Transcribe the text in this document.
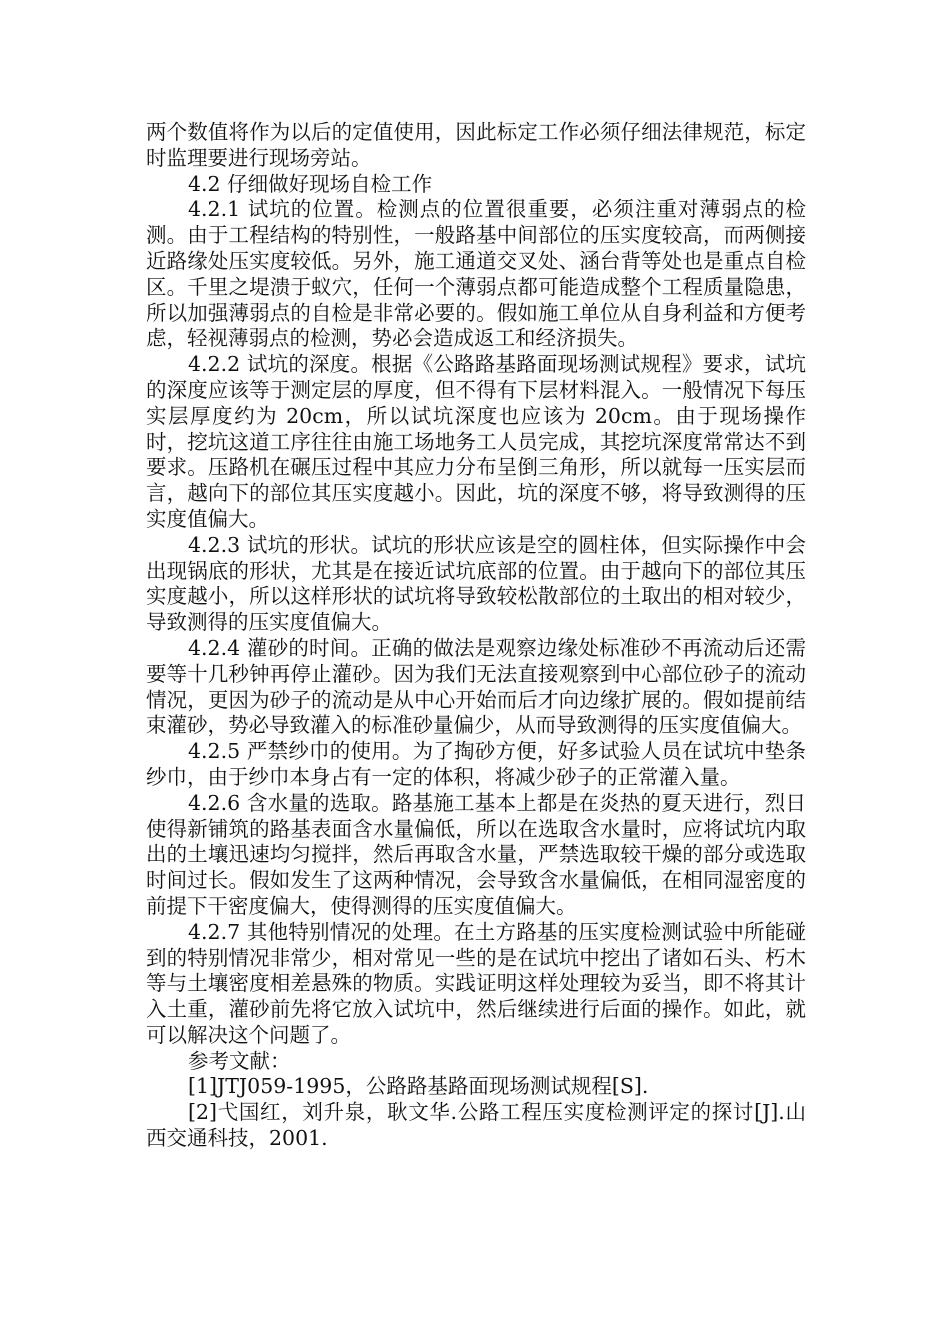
两个数值将作为以后的定值使用，因此标定工作必须仔细法律规范，标定时监理要进行现场旁站。

4.2 仔细做好现场自检工作

4.2.1 试坑的位置。检测点的位置很重要，必须注重对薄弱点的检测。由于工程结构的特别性，一般路基中间部位的压实度较高，而两侧接近路缘处压实度较低。另外，施工通道交叉处、涵台背等处也是重点自检区。千里之堤溃于蚁穴，任何一个薄弱点都可能造成整个工程质量隐患，所以加强薄弱点的自检是非常必要的。假如施工单位从自身利益和方便考虑，轻视薄弱点的检测，势必会造成返工和经济损失。

4.2.2 试坑的深度。根据《公路路基路面现场测试规程》要求，试坑的深度应该等于测定层的厚度，但不得有下层材料混入。一般情况下每压实层厚度约为 20cm，所以试坑深度也应该为 20cm。由于现场操作时，挖坑这道工序往往由施工场地务工人员完成，其挖坑深度常常达不到要求。压路机在碾压过程中其应力分布呈倒三角形，所以就每一压实层而言，越向下的部位其压实度越小。因此，坑的深度不够，将导致测得的压实度值偏大。

4.2.3 试坑的形状。试坑的形状应该是空的圆柱体，但实际操作中会出现锅底的形状，尤其是在接近试坑底部的位置。由于越向下的部位其压实度越小，所以这样形状的试坑将导致较松散部位的土取出的相对较少，导致测得的压实度值偏大。

4.2.4 灌砂的时间。正确的做法是观察边缘处标准砂不再流动后还需要等十几秒钟再停止灌砂。因为我们无法直接观察到中心部位砂子的流动情况，更因为砂子的流动是从中心开始而后才向边缘扩展的。假如提前结束灌砂，势必导致灌入的标准砂量偏少，从而导致测得的压实度值偏大。

4.2.5 严禁纱巾的使用。为了掏砂方便，好多试验人员在试坑中垫条纱巾，由于纱巾本身占有一定的体积，将减少砂子的正常灌入量。

4.2.6 含水量的选取。路基施工基本上都是在炎热的夏天进行，烈日使得新铺筑的路基表面含水量偏低，所以在选取含水量时，应将试坑内取出的土壤迅速均匀搅拌，然后再取含水量，严禁选取较干燥的部分或选取时间过长。假如发生了这两种情况，会导致含水量偏低，在相同湿密度的前提下干密度偏大，使得测得的压实度值偏大。

4.2.7 其他特别情况的处理。在土方路基的压实度检测试验中所能碰到的特别情况非常少，相对常见一些的是在试坑中挖出了诸如石头、朽木等与土壤密度相差悬殊的物质。实践证明这样处理较为妥当，即不将其计入土重，灌砂前先将它放入试坑中，然后继续进行后面的操作。如此，就可以解决这个问题了。

参考文献：

[1]JTJ059-1995，公路路基路面现场测试规程[S].

[2]弋国红，刘升泉，耿文华.公路工程压实度检测评定的探讨[J].山西交通科技，2001.
